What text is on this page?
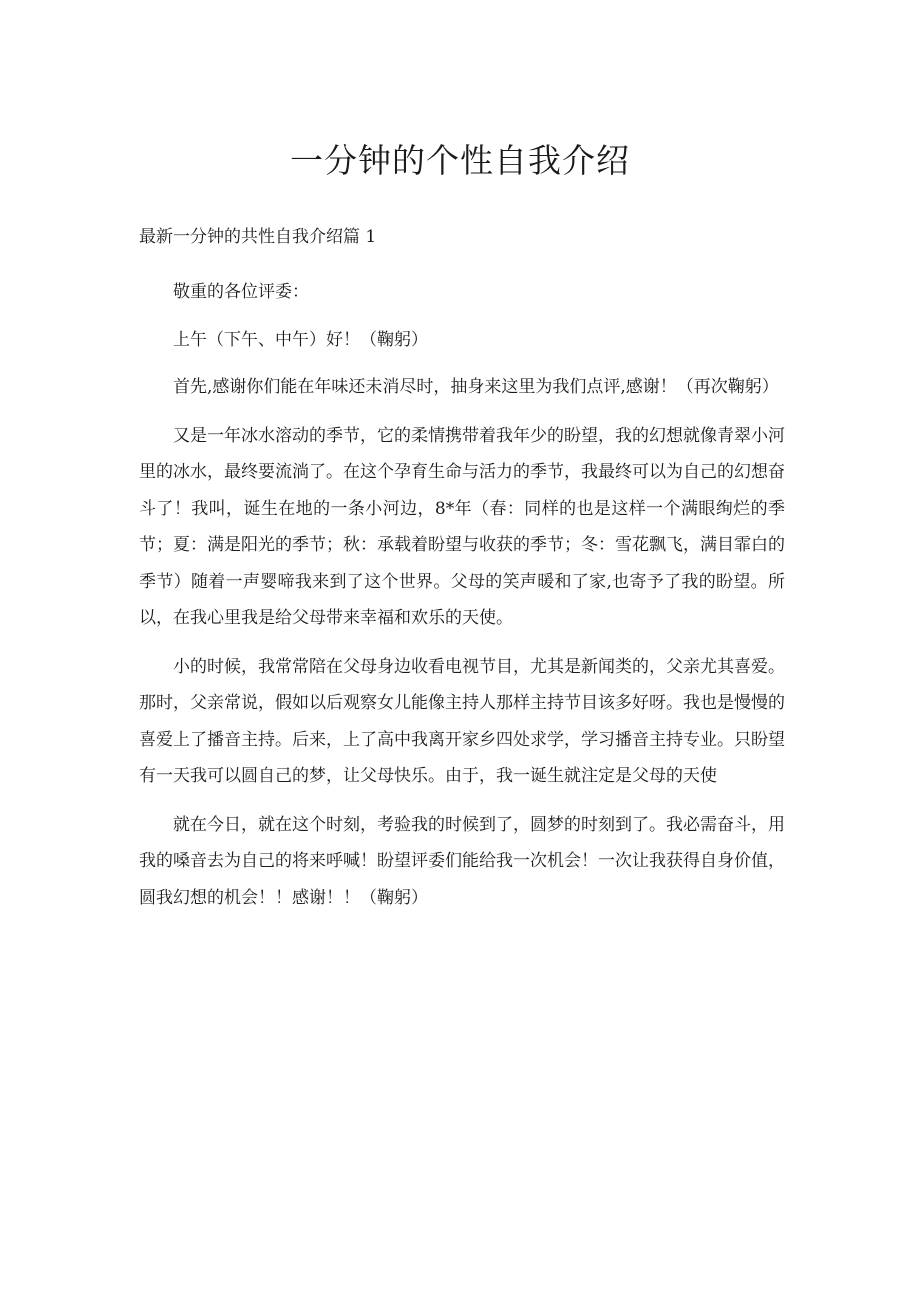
一分钟的个性自我介绍

最新一分钟的共性自我介绍篇 1

敬重的各位评委：

上午（下午、中午）好！（鞠躬）

首先,感谢你们能在年味还未消尽时，抽身来这里为我们点评,感谢！（再次鞠躬）

又是一年冰水溶动的季节，它的柔情携带着我年少的盼望，我的幻想就像青翠小河里的冰水，最终要流淌了。在这个孕育生命与活力的季节，我最终可以为自己的幻想奋斗了！我叫，诞生在地的一条小河边，8*年（春：同样的也是这样一个满眼绚烂的季节；夏：满是阳光的季节；秋：承载着盼望与收获的季节；冬：雪花飘飞，满目霏白的季节）随着一声婴啼我来到了这个世界。父母的笑声暖和了家,也寄予了我的盼望。所以，在我心里我是给父母带来幸福和欢乐的天使。

小的时候，我常常陪在父母身边收看电视节目，尤其是新闻类的，父亲尤其喜爱。那时，父亲常说，假如以后观察女儿能像主持人那样主持节目该多好呀。我也是慢慢的喜爱上了播音主持。后来，上了高中我离开家乡四处求学，学习播音主持专业。只盼望有一天我可以圆自己的梦，让父母快乐。由于，我一诞生就注定是父母的天使

就在今日，就在这个时刻，考验我的时候到了，圆梦的时刻到了。我必需奋斗，用我的嗓音去为自己的将来呼喊！盼望评委们能给我一次机会！一次让我获得自身价值，圆我幻想的机会！！感谢！！（鞠躬）
